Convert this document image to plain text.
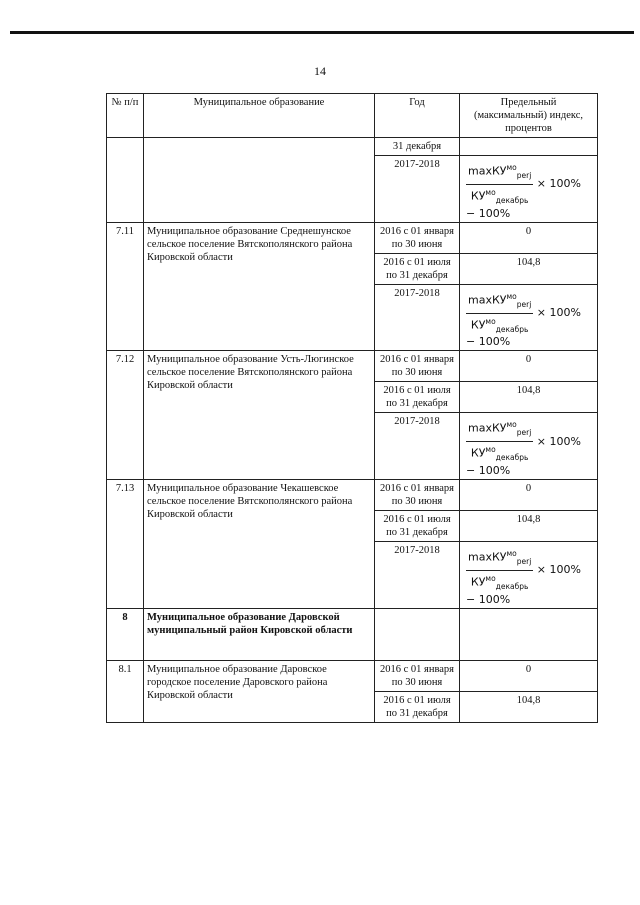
14
№ п/п	Муниципальное образование	Год	Предельный (максимальный) индекс, процентов
		31 декабря	
		2017-2018	$\frac{\max КУ^{мо}_{perj}}{КУ^{мо}_{декабрь}} \times 100\%$
− 100%

7.11	Муниципальное образование Среднешунское сельское поселение Вятскополянского района Кировской области	2016 с 01 января по 30 июня	0
		2016 с 01 июля по 31 декабря	104,8
		2017-2018	$\frac{\max КУ^{мо}_{perj}}{КУ^{мо}_{декабрь}} \times 100\%$
− 100%

7.12	Муниципальное образование Усть-Люгинское сельское поселение Вятскополянского района Кировской области	2016 с 01 января по 30 июня	0
		2016 с 01 июля по 31 декабря	104,8
		2017-2018	$\frac{\max КУ^{мо}_{perj}}{КУ^{мо}_{декабрь}} \times 100\%$
− 100%

7.13	Муниципальное образование Чекашевское сельское поселение Вятскополянского района Кировской области	2016 с 01 января по 30 июня	0
		2016 с 01 июля по 31 декабря	104,8
		2017-2018	$\frac{\max КУ^{мо}_{perj}}{КУ^{мо}_{декабрь}} \times 100\%$
− 100%

8	Муниципальное образование Даровской муниципальный район Кировской области		
8.1	Муниципальное образование Даровское городское поселение Даровского района Кировской области	2016 с 01 января по 30 июня	0
		2016 с 01 июля по 31 декабря	104,8
